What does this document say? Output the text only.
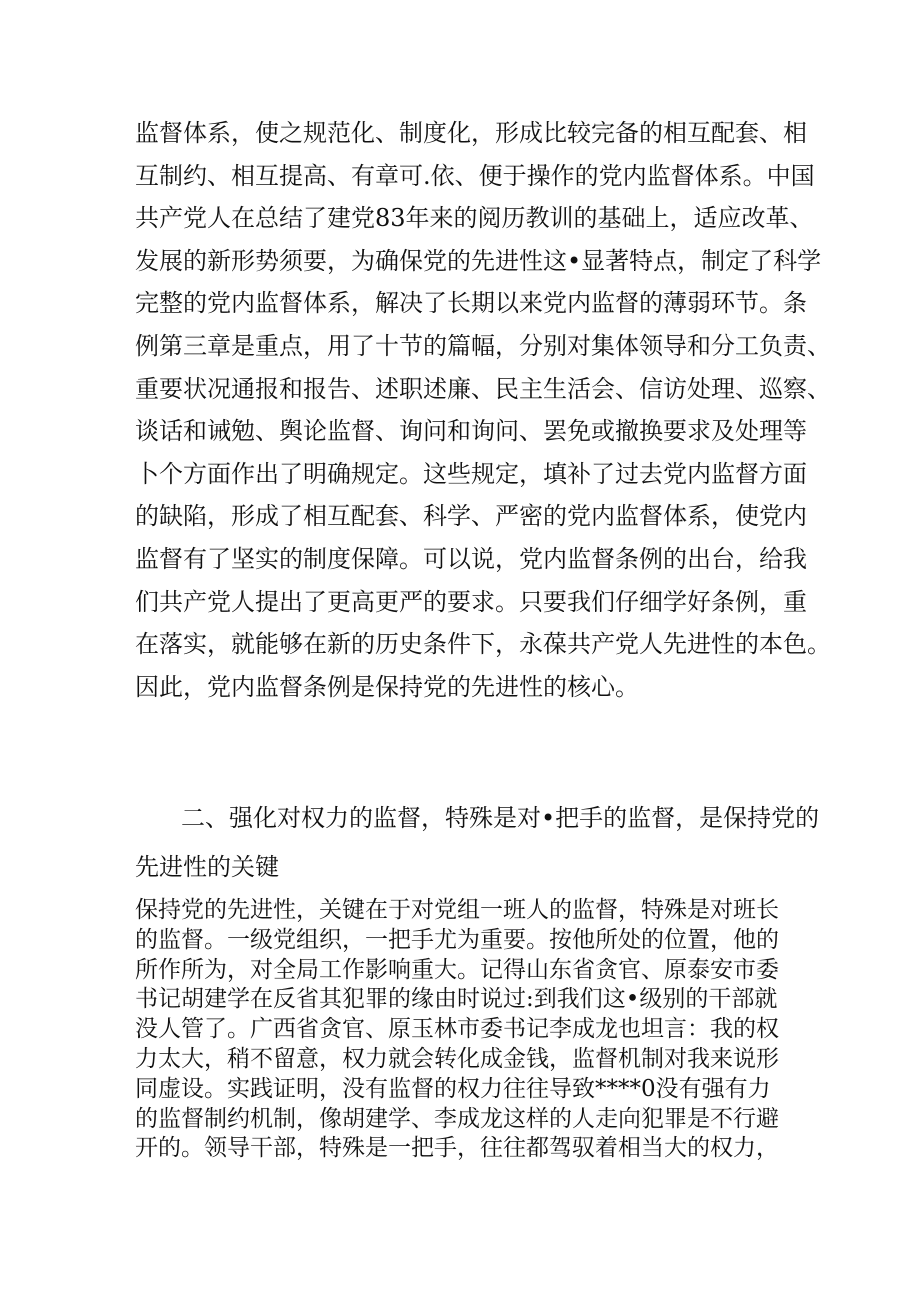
监督体系，使之规范化、制度化，形成比较完备的相互配套、相
互制约、相互提高、有章可.依、便于操作的党内监督体系。中国
共产党人在总结了建党83年来的阅历教训的基础上，适应改革、
发展的新形势须要，为确保党的先进性这•显著特点，制定了科学
完整的党内监督体系，解决了长期以来党内监督的薄弱环节。条
例第三章是重点，用了十节的篇幅，分别对集体领导和分工负责、
重要状况通报和报告、述职述廉、民主生活会、信访处理、巡察、
谈话和诫勉、舆论监督、询问和询问、罢免或撤换要求及处理等
卜个方面作出了明确规定。这些规定，填补了过去党内监督方面
的缺陷，形成了相互配套、科学、严密的党内监督体系，使党内
监督有了坚实的制度保障。可以说，党内监督条例的出台，给我
们共产党人提出了更高更严的要求。只要我们仔细学好条例，重
在落实，就能够在新的历史条件下，永葆共产党人先进性的本色。
因此，党内监督条例是保持党的先进性的核心。
二、强化对权力的监督，特殊是对•把手的监督，是保持党的
先进性的关键
保持党的先进性，关键在于对党组一班人的监督，特殊是对班长
的监督。一级党组织，一把手尤为重要。按他所处的位置，他的
所作所为，对全局工作影响重大。记得山东省贪官、原泰安市委
书记胡建学在反省其犯罪的缘由时说过:到我们这•级别的干部就
没人管了。广西省贪官、原玉林市委书记李成龙也坦言：我的权
力太大，稍不留意，权力就会转化成金钱，监督机制对我来说形
同虚设。实践证明，没有监督的权力往往导致****0没有强有力
的监督制约机制，像胡建学、李成龙这样的人走向犯罪是不行避
开的。领导干部，特殊是一把手，往往都驾驭着相当大的权力，
